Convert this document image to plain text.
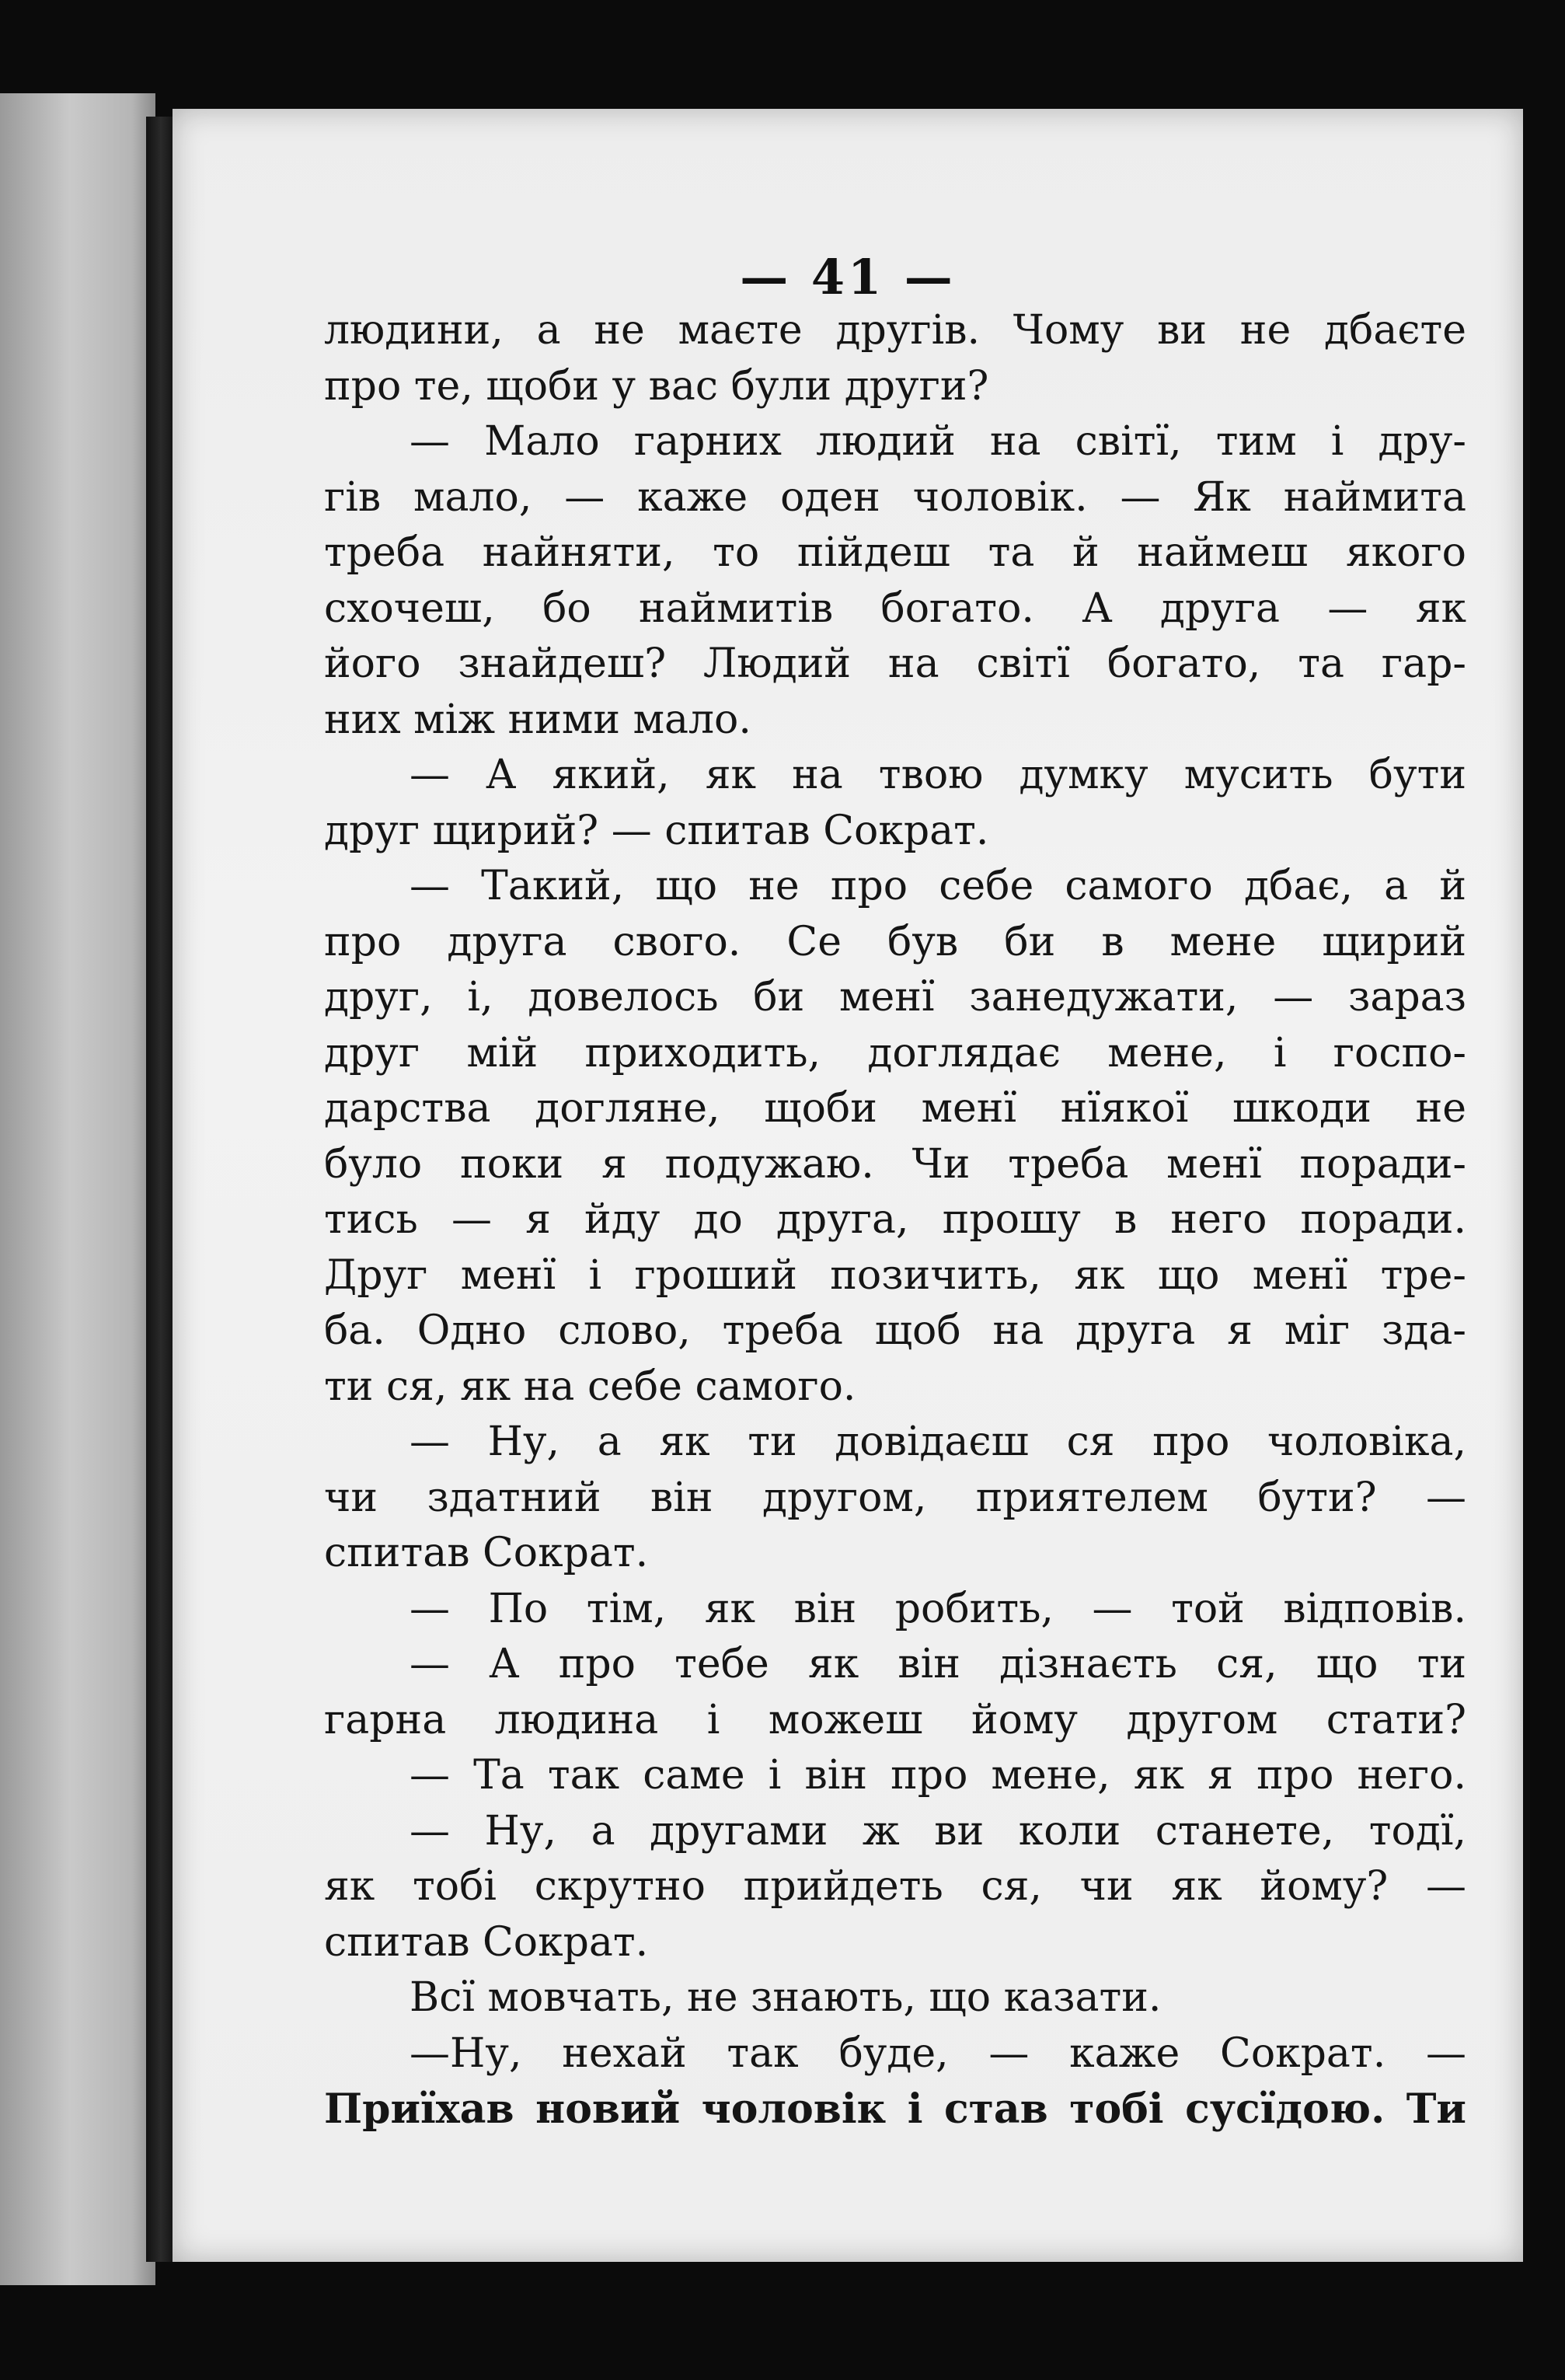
— 41 —
людини, а не маєте другів. Чому ви не дбаєте
про те, щоби у вас були други?
— Мало гарних людий на світї, тим і дру-
гів мало, — каже оден чоловік. — Як наймита
треба найняти, то пійдеш та й наймеш якого
схочеш, бо наймитів богато. А друга — як
його знайдеш? Людий на світї богато, та гар-
них між ними мало.
— А який, як на твою думку мусить бути
друг щирий? — спитав Сократ.
— Такий, що не про себе самого дбає, а й
про друга свого. Се був би в мене щирий
друг, і, довелось би менї занедужати, — зараз
друг мій приходить, доглядає мене, і госпо-
дарства догляне, щоби менї нїякої шкоди не
було поки я подужаю. Чи треба менї поради-
тись — я йду до друга, прошу в него поради.
Друг менї і гроший позичить, як що менї тре-
ба. Одно слово, треба щоб на друга я міг зда-
ти ся, як на себе самого.
— Ну, а як ти довідаєш ся про чоловіка,
чи здатний він другом, приятелем бути? —
спитав Сократ.
— По тім, як він робить, — той відповів.
— А про тебе як він дізнаєть ся, що ти
гарна людина і можеш йому другом стати?
— Та так саме і він про мене, як я про него.
— Ну, а другами ж ви коли станете, тодї,
як тобі скрутно прийдеть ся, чи як йому? —
спитав Сократ.
Всї мовчать, не знають, що казати.
—Ну, нехай так буде, — каже Сократ. —
Приїхав новий чоловік і став тобі сусїдою. Ти
